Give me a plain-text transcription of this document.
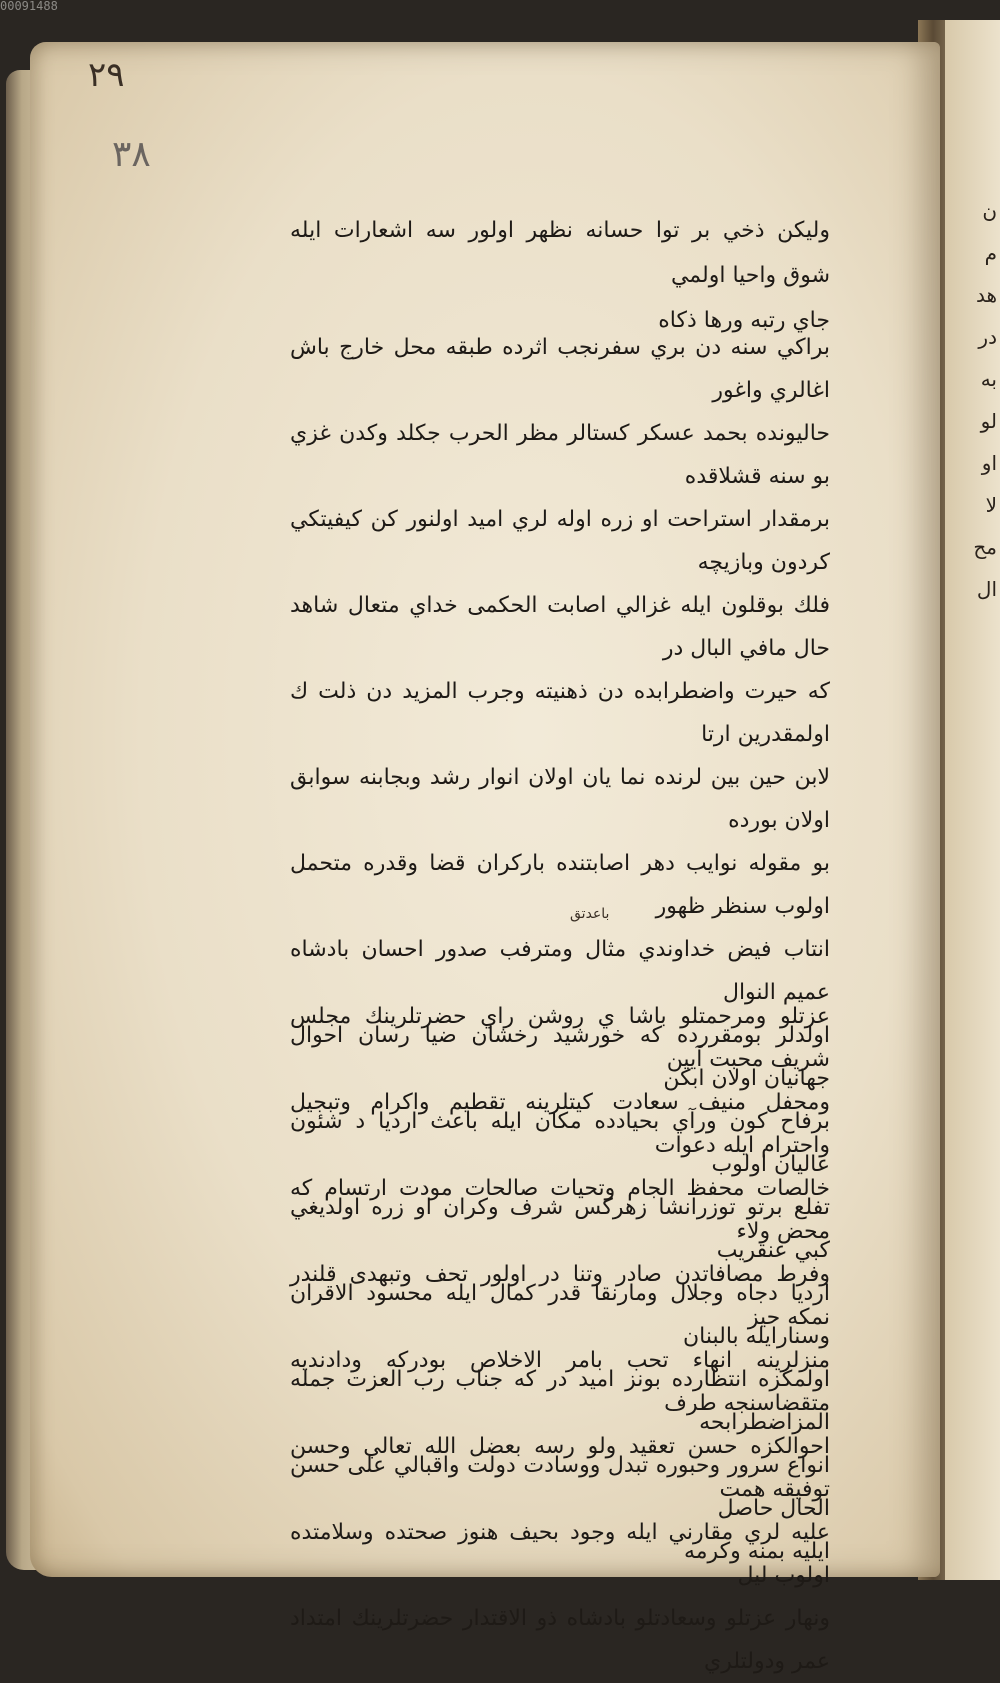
00091488
ن
م
هد
در
به
لو
او
لا
مح
ال
٢٩
٣٨
وليكن ذخي بر توا حسانه نظهر اولور سه اشعارات ايله شوق واحيا اولمي
جاي رتبه ورها ذكاه
براكي سنه دن بري سفرنجب اثرده طبقه محل خارج باش اغالري واغور
حاليونده بحمد عسكر كستالر مظر الحرب جكلد وكدن غزي بو سنه قشلاقده
برمقدار استراحت او زره اوله لري اميد اولنور كن كيفيتكي كردون وبازيچه
فلك بوقلون ايله غزالي اصابت الحكمى خداي متعال شاهد حال مافي البال در
كه حيرت واضطرابده دن ذهنيته وجرب المزيد دن ذلت ك اولمقدرين ارتا
لابن حين بين لرنده نما يان اولان انوار رشد وبجابنه سوابق اولان بورده
بو مقوله نوايب دهر اصابتنده باركران قضا وقدره متحمل اولوب سنظر ظهور
انتاب فيض خداوندي مثال ومترفب صدور احسان بادشاه عميم النوال
اولدلر بومقررده كه خورشيد رخشان ضيا رسان احوال جهانيان اولان ابكن
برفاح كون ورآي بحيادده مكان ايله باعث ارديا د شئون عاليان اولوب
تفلع برتو توزرانشا زهركس شرف وكران او زره اولديغي كبي عنقريب
ارديا دجاه وجلال ومارنقا قدر كمال ايله محسود الاقران وسنارايله بالبنان
اولمكزه انتظارده بونز اميد در كه جناب رب العزت جمله المزاضطرابحه
انواع سرور وحبوره تبدل ووسادت دولت واقبالي على حسن الحال حاصل
ايليه بمنه وكرمه
عزتلو ومرحمتلو باشا ي روشن راي حضرتلرينك مجلس شريف محبت آيين
ومحفل منيف سعادت كيتلرينه تقطيم واكرام وتبجيل واحترام ايله دعوات
خالصات محفظ الجام وتحيات صالحات مودت ارتسام كه محض ولاء
وفرط مصافاتدن صادر وتنا در اولور تحف وتبهدى قلندر نمكه حيز
منزلرينه انهاء تحب بامر الاخلاص بودركه ودادنديه متقضاسنجه طرف
احوالكزه حسن تعقيد ولو رسه بعضل الله تعالي وحسن توفيقه همت
عليه لري مقارني ايله وجود بحيف هنوز صحتده وسلامتده اولوب ليل
ونهار عزتلو وسعادتلو بادشاه ذو الاقتدار حضرتلرينك امتداد عمر ودولتلري
باعدتق
